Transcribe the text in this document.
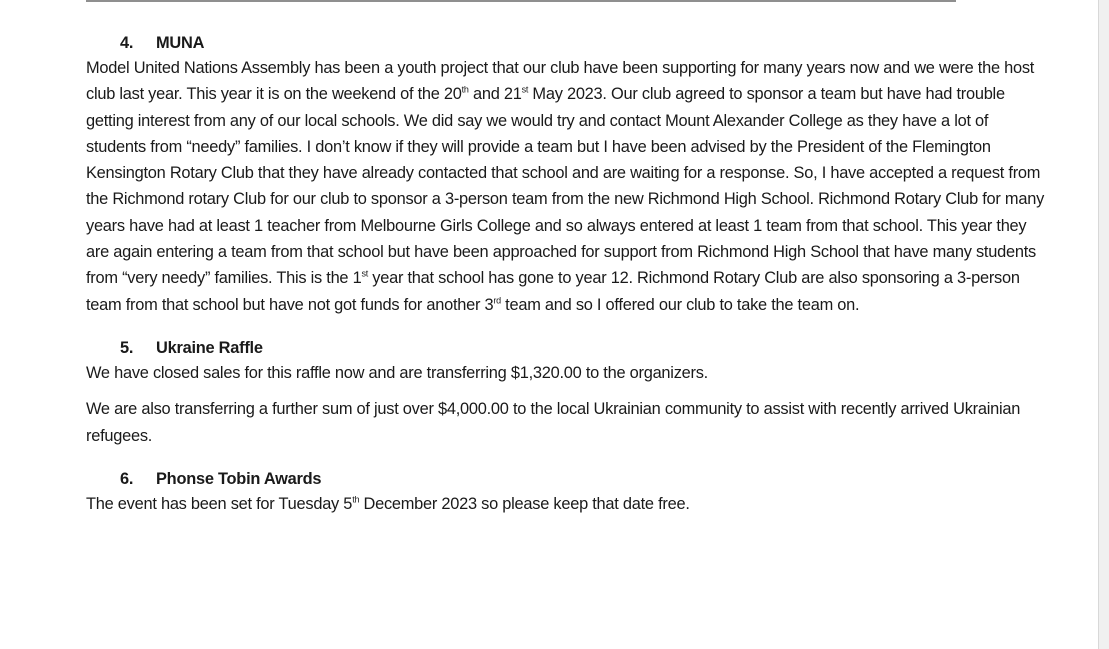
4. MUNA

Model United Nations Assembly has been a youth project that our club have been supporting for many years now and we were the host club last year. This year it is on the weekend of the 20th and 21st May 2023. Our club agreed to sponsor a team but have had trouble getting interest from any of our local schools. We did say we would try and contact Mount Alexander College as they have a lot of students from “needy” families. I don’t know if they will provide a team but I have been advised by the President of the Flemington Kensington Rotary Club that they have already contacted that school and are waiting for a response. So, I have accepted a request from the Richmond rotary Club for our club to sponsor a 3-person team from the new Richmond High School. Richmond Rotary Club for many years have had at least 1 teacher from Melbourne Girls College and so always entered at least 1 team from that school. This year they are again entering a team from that school but have been approached for support from Richmond High School that have many students from “very needy” families. This is the 1st year that school has gone to year 12. Richmond Rotary Club are also sponsoring a 3-person team from that school but have not got funds for another 3rd team and so I offered our club to take the team on.

5. Ukraine Raffle

We have closed sales for this raffle now and are transferring $1,320.00 to the organizers.

We are also transferring a further sum of just over $4,000.00 to the local Ukrainian community to assist with recently arrived Ukrainian refugees.

6. Phonse Tobin Awards

The event has been set for Tuesday 5th December 2023 so please keep that date free.
